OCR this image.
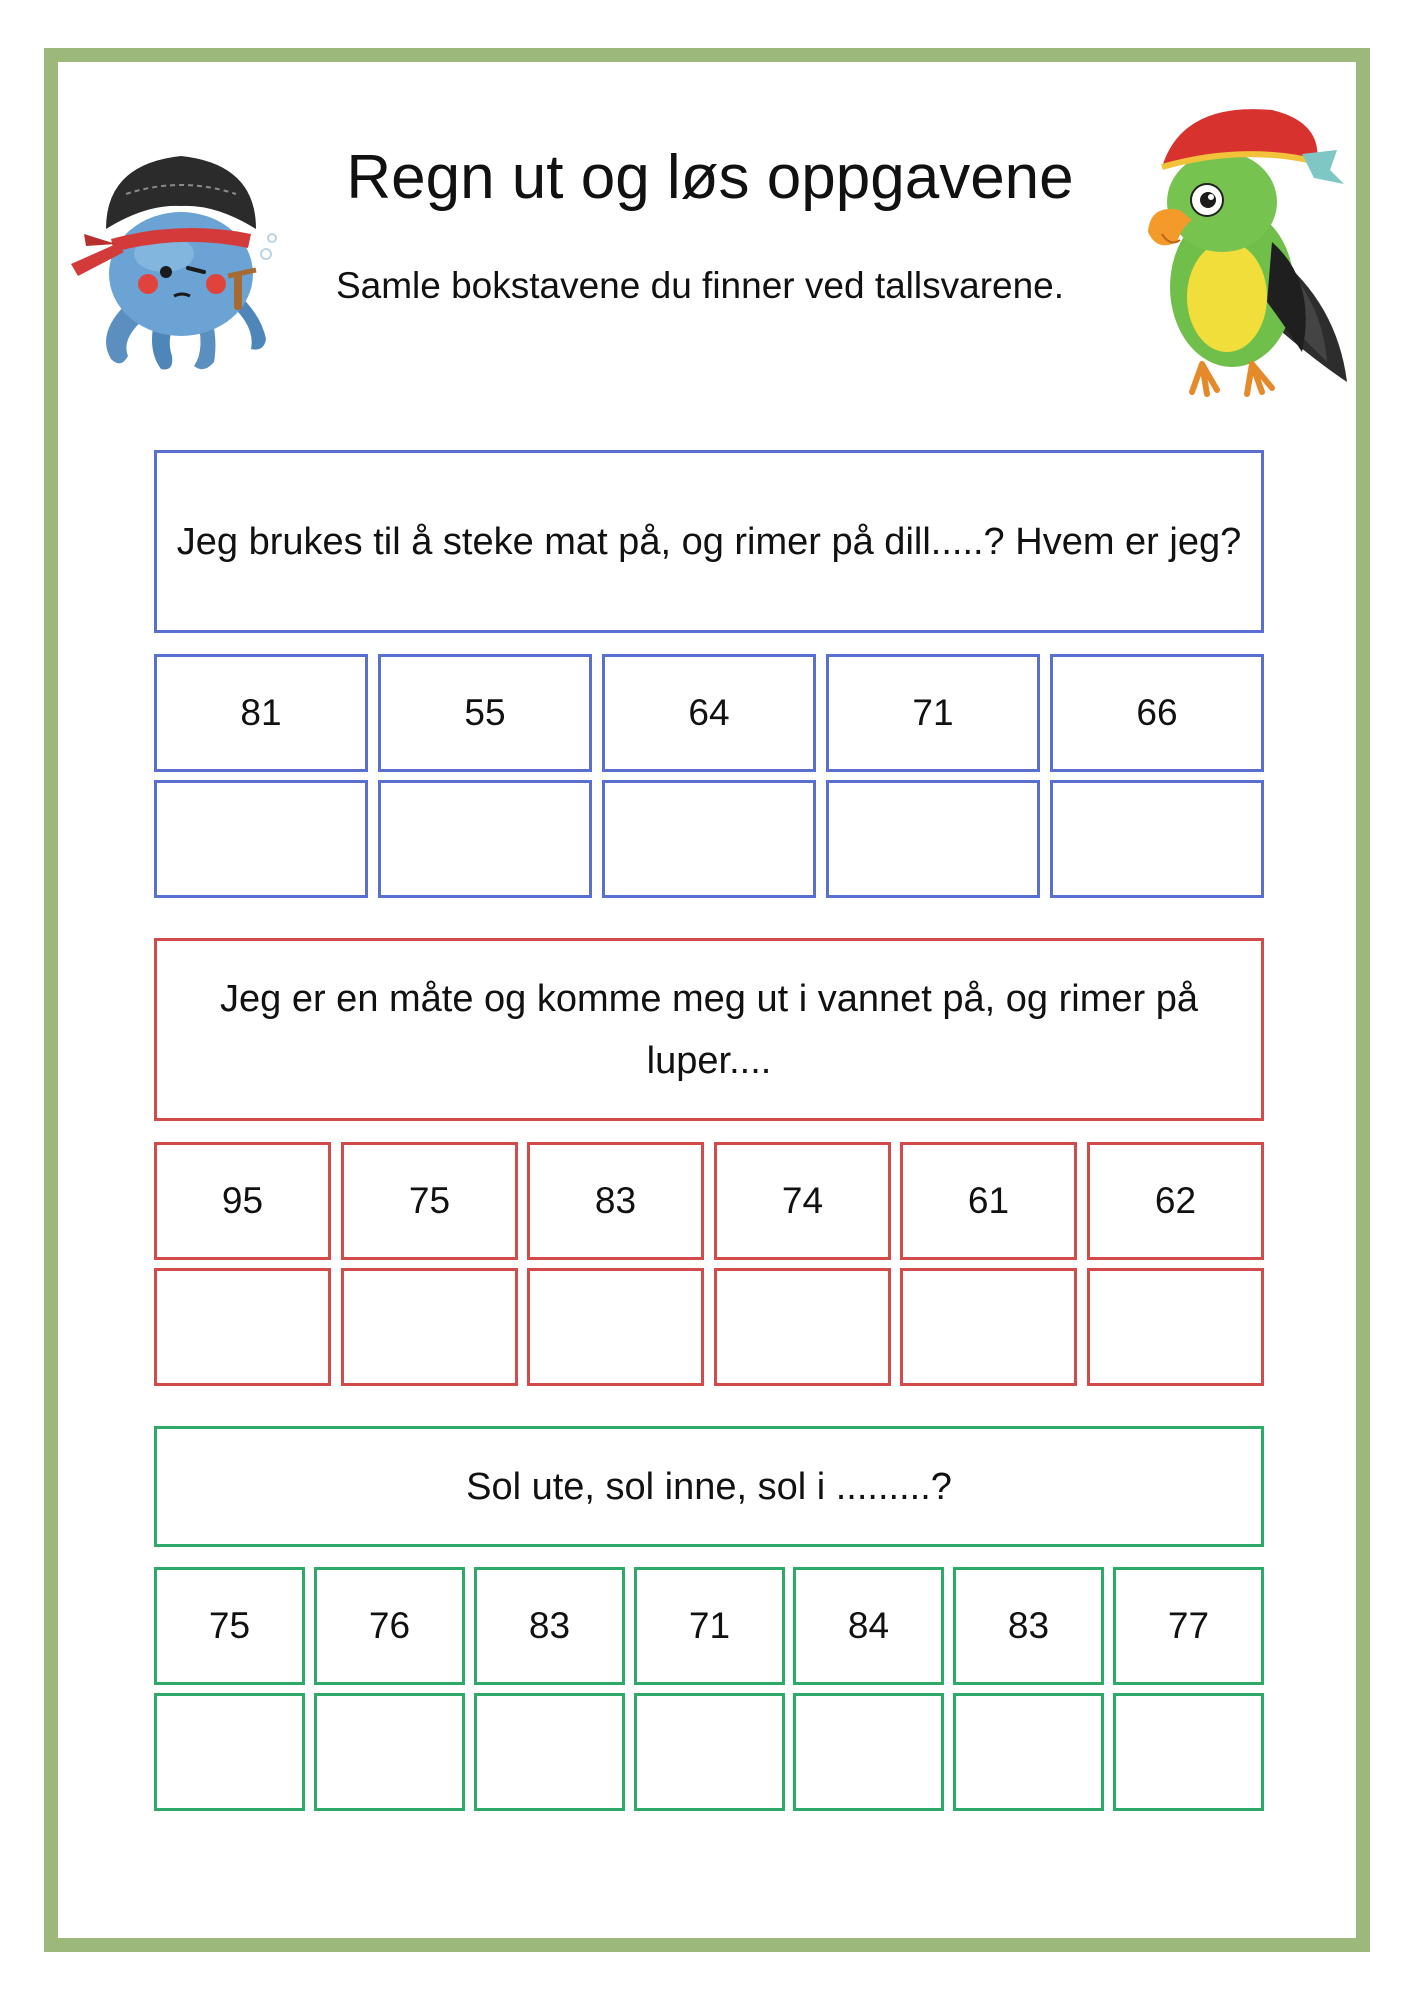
Regn ut og løs oppgavene
Samle bokstavene du finner ved tallsvarene.
Jeg brukes til å steke mat på, og rimer på dill.....? Hvem er jeg?
81	55	64	71	66
Jeg er en måte og komme meg ut i vannet på, og rimer på luper....
95	75	83	74	61	62
Sol ute, sol inne, sol i .........?
75	76	83	71	84	83	77
